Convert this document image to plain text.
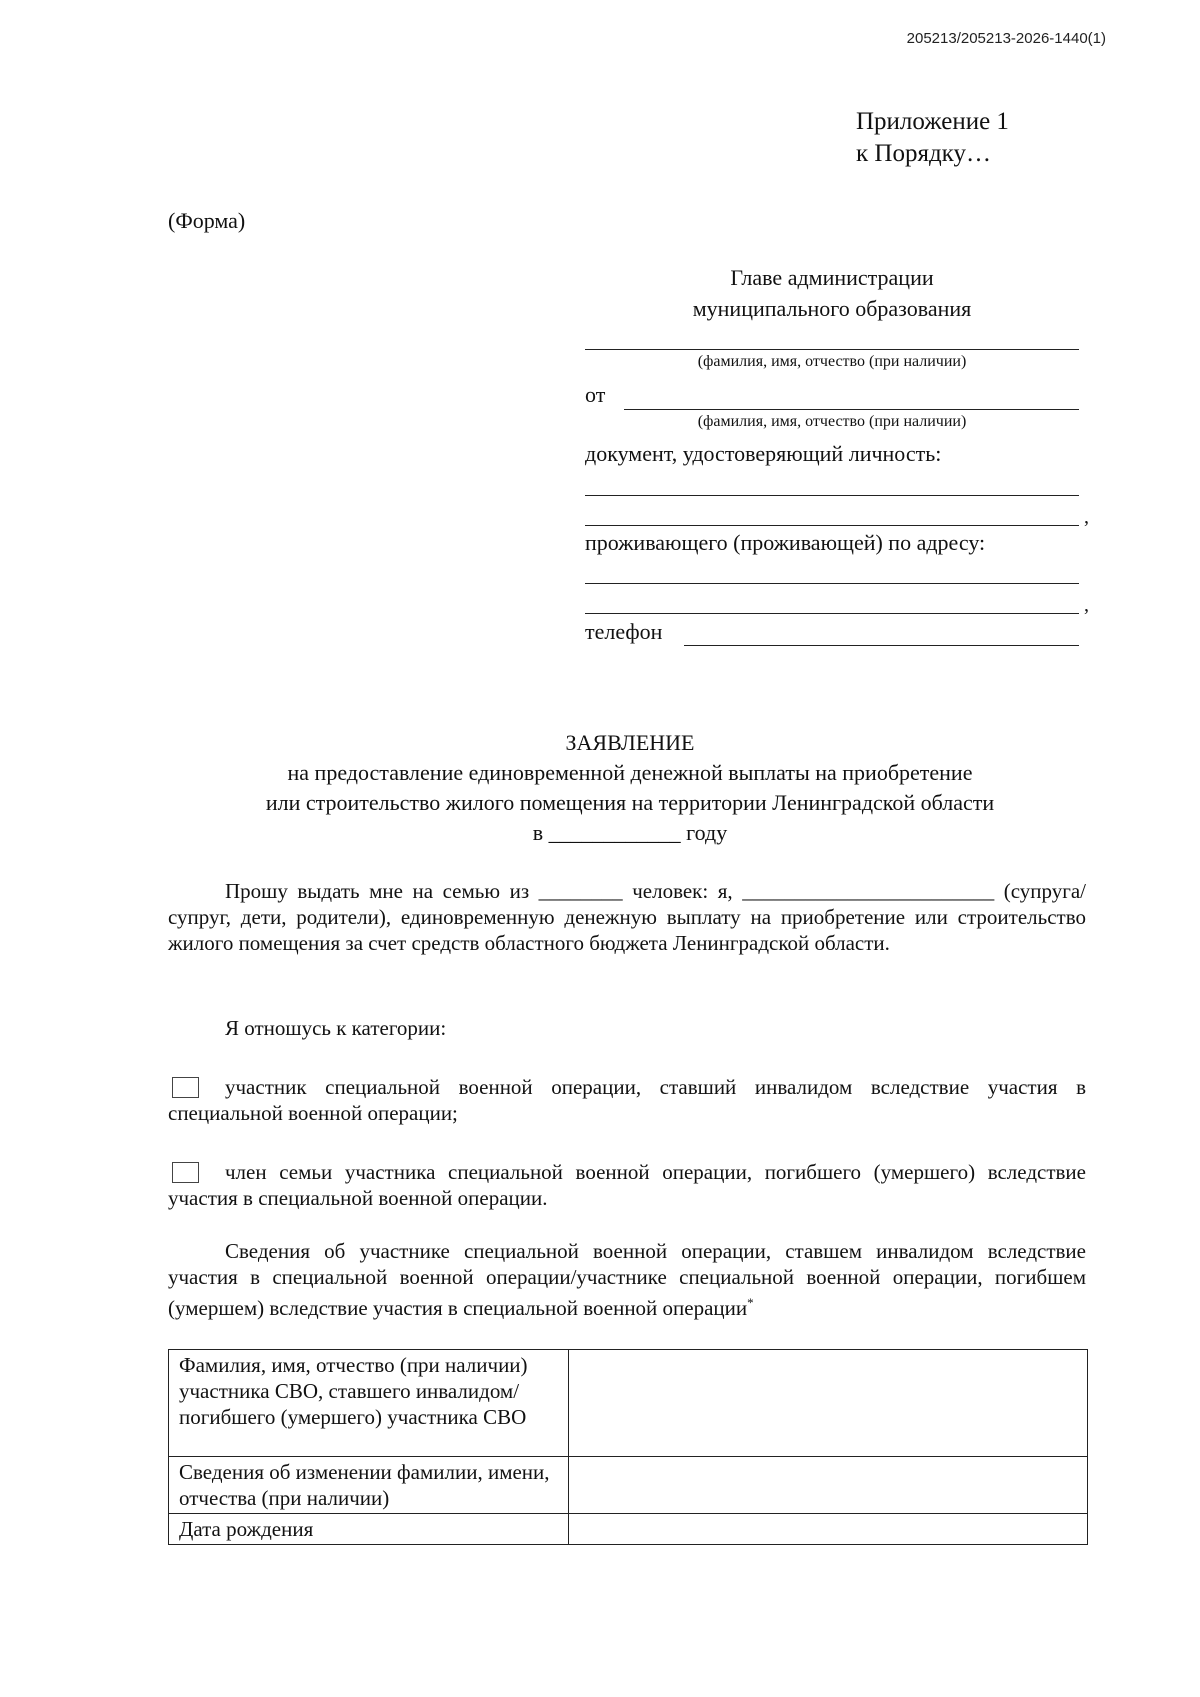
205213/205213-2026-1440(1)
Приложение 1
к Порядку…
(Форма)
Главе администрации
муниципального образования
(фамилия, имя, отчество (при наличии)
от
(фамилия, имя, отчество (при наличии)
документ, удостоверяющий личность:
,
проживающего (проживающей) по адресу:
,
телефон
ЗАЯВЛЕНИЕ
на предоставление единовременной денежной выплаты на приобретение
или строительство жилого помещения на территории Ленинградской области
в ____________ году
Прошу выдать мне на семью из ________ человек: я, ________________________ (супруга/супруг, дети, родители), единовременную денежную выплату на приобретение или строительство жилого помещения за счет средств областного бюджета Ленинградской области.
Я отношусь к категории:
участник специальной военной операции, ставший инвалидом вследствие участия в специальной военной операции;
член семьи участника специальной военной операции, погибшего (умершего) вследствие участия в специальной военной операции.
Сведения об участнике специальной военной операции, ставшем инвалидом вследствие участия в специальной военной операции/участнике специальной военной операции, погибшем (умершем) вследствие участия в специальной военной операции*
Фамилия, имя, отчество (при наличии) участника СВО, ставшего инвалидом/погибшего (умершего) участника СВО	
Сведения об изменении фамилии, имени, отчества (при наличии)	
Дата рождения	
